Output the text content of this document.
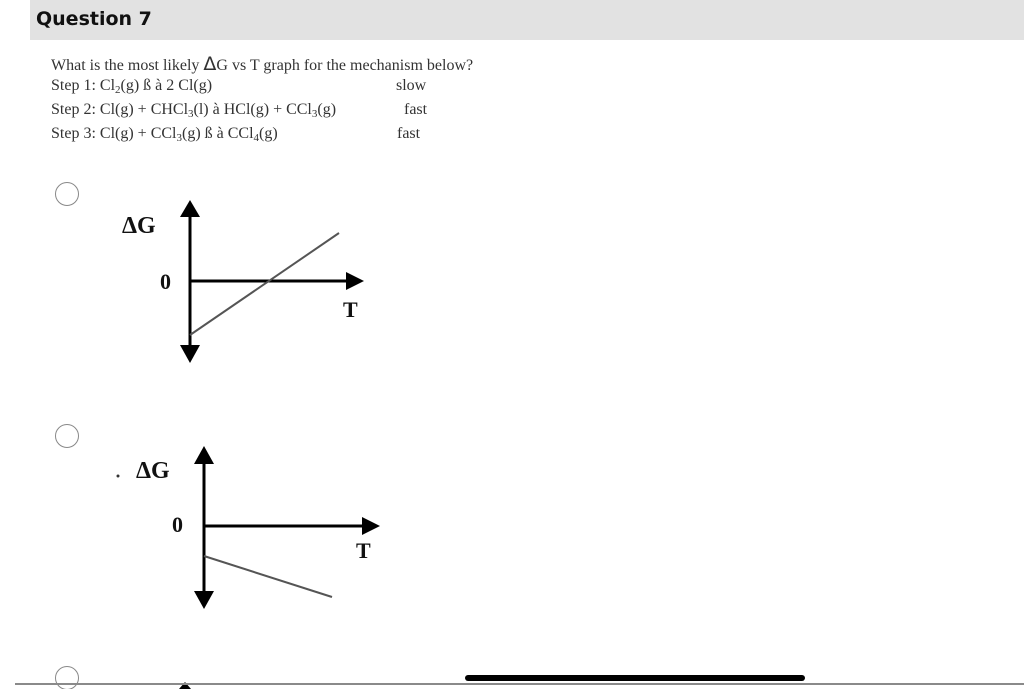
Question 7
What is the most likely ΔG vs T graph for the mechanism below?
Step 1: $Cl_2(g)$ ß à 2 Cl(g)	slow
Step 2: Cl(g) + CHCl$_3$(l) à HCl(g) + CCl$_3$(g)	fast
Step 3: Cl(g) + CCl$_3$(g) ß à CCl$_4$(g)	fast
ΔG
0
T
ΔG
0
T
